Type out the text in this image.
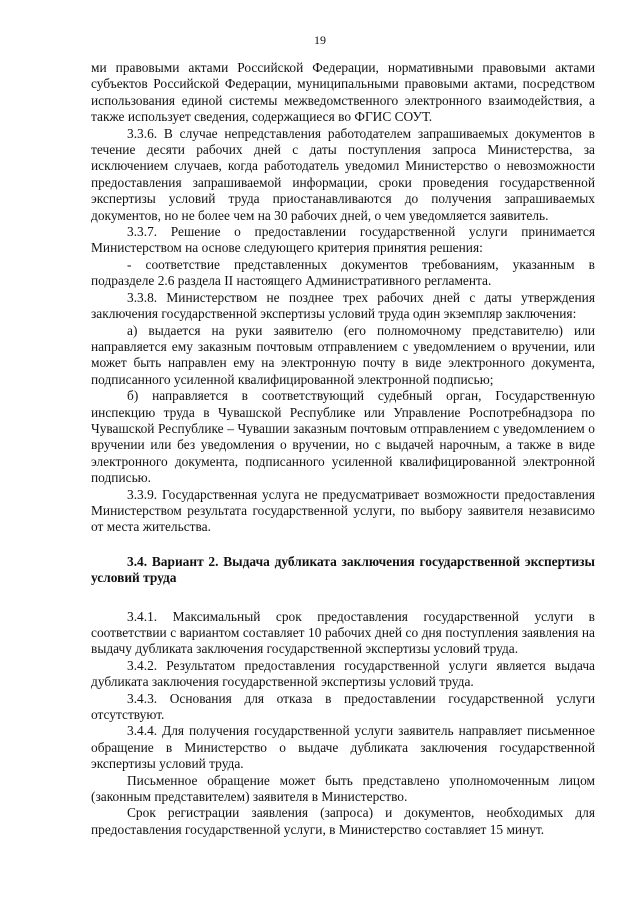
19

ми правовыми актами Российской Федерации, нормативными правовыми актами субъектов Российской Федерации, муниципальными правовыми актами, посредством использования единой системы межведомственного электронного взаимодействия, а также использует сведения, содержащиеся во ФГИС СОУТ.

3.3.6. В случае непредставления работодателем запрашиваемых документов в течение десяти рабочих дней с даты поступления запроса Министерства, за исключением случаев, когда работодатель уведомил Министерство о невозможности предоставления запрашиваемой информации, сроки проведения государственной экспертизы условий труда приостанавливаются до получения запрашиваемых документов, но не более чем на 30 рабочих дней, о чем уведомляется заявитель.

3.3.7. Решение о предоставлении государственной услуги принимается Министерством на основе следующего критерия принятия решения:

- соответствие представленных документов требованиям, указанным в подразделе 2.6 раздела II настоящего Административного регламента.

3.3.8. Министерством не позднее трех рабочих дней с даты утверждения заключения государственной экспертизы условий труда один экземпляр заключения:

а) выдается на руки заявителю (его полномочному представителю) или направляется ему заказным почтовым отправлением с уведомлением о вручении, или может быть направлен ему на электронную почту в виде электронного документа, подписанного усиленной квалифицированной электронной подписью;

б) направляется в соответствующий судебный орган, Государственную инспекцию труда в Чувашской Республике или Управление Роспотребнадзора по Чувашской Республике – Чувашии заказным почтовым отправлением с уведомлением о вручении или без уведомления о вручении, но с выдачей нарочным, а также в виде электронного документа, подписанного усиленной квалифицированной электронной подписью.

3.3.9. Государственная услуга не предусматривает возможности предоставления Министерством результата государственной услуги, по выбору заявителя независимо от места жительства.

3.4. Вариант 2. Выдача дубликата заключения государственной экспертизы условий труда

3.4.1. Максимальный срок предоставления государственной услуги в соответствии с вариантом составляет 10 рабочих дней со дня поступления заявления на выдачу дубликата заключения государственной экспертизы условий труда.

3.4.2. Результатом предоставления государственной услуги является выдача дубликата заключения государственной экспертизы условий труда.

3.4.3. Основания для отказа в предоставлении государственной услуги отсутствуют.

3.4.4. Для получения государственной услуги заявитель направляет письменное обращение в Министерство о выдаче дубликата заключения государственной экспертизы условий труда.

Письменное обращение может быть представлено уполномоченным лицом (законным представителем) заявителя в Министерство.

Срок регистрации заявления (запроса) и документов, необходимых для предоставления государственной услуги, в Министерство составляет 15 минут.
